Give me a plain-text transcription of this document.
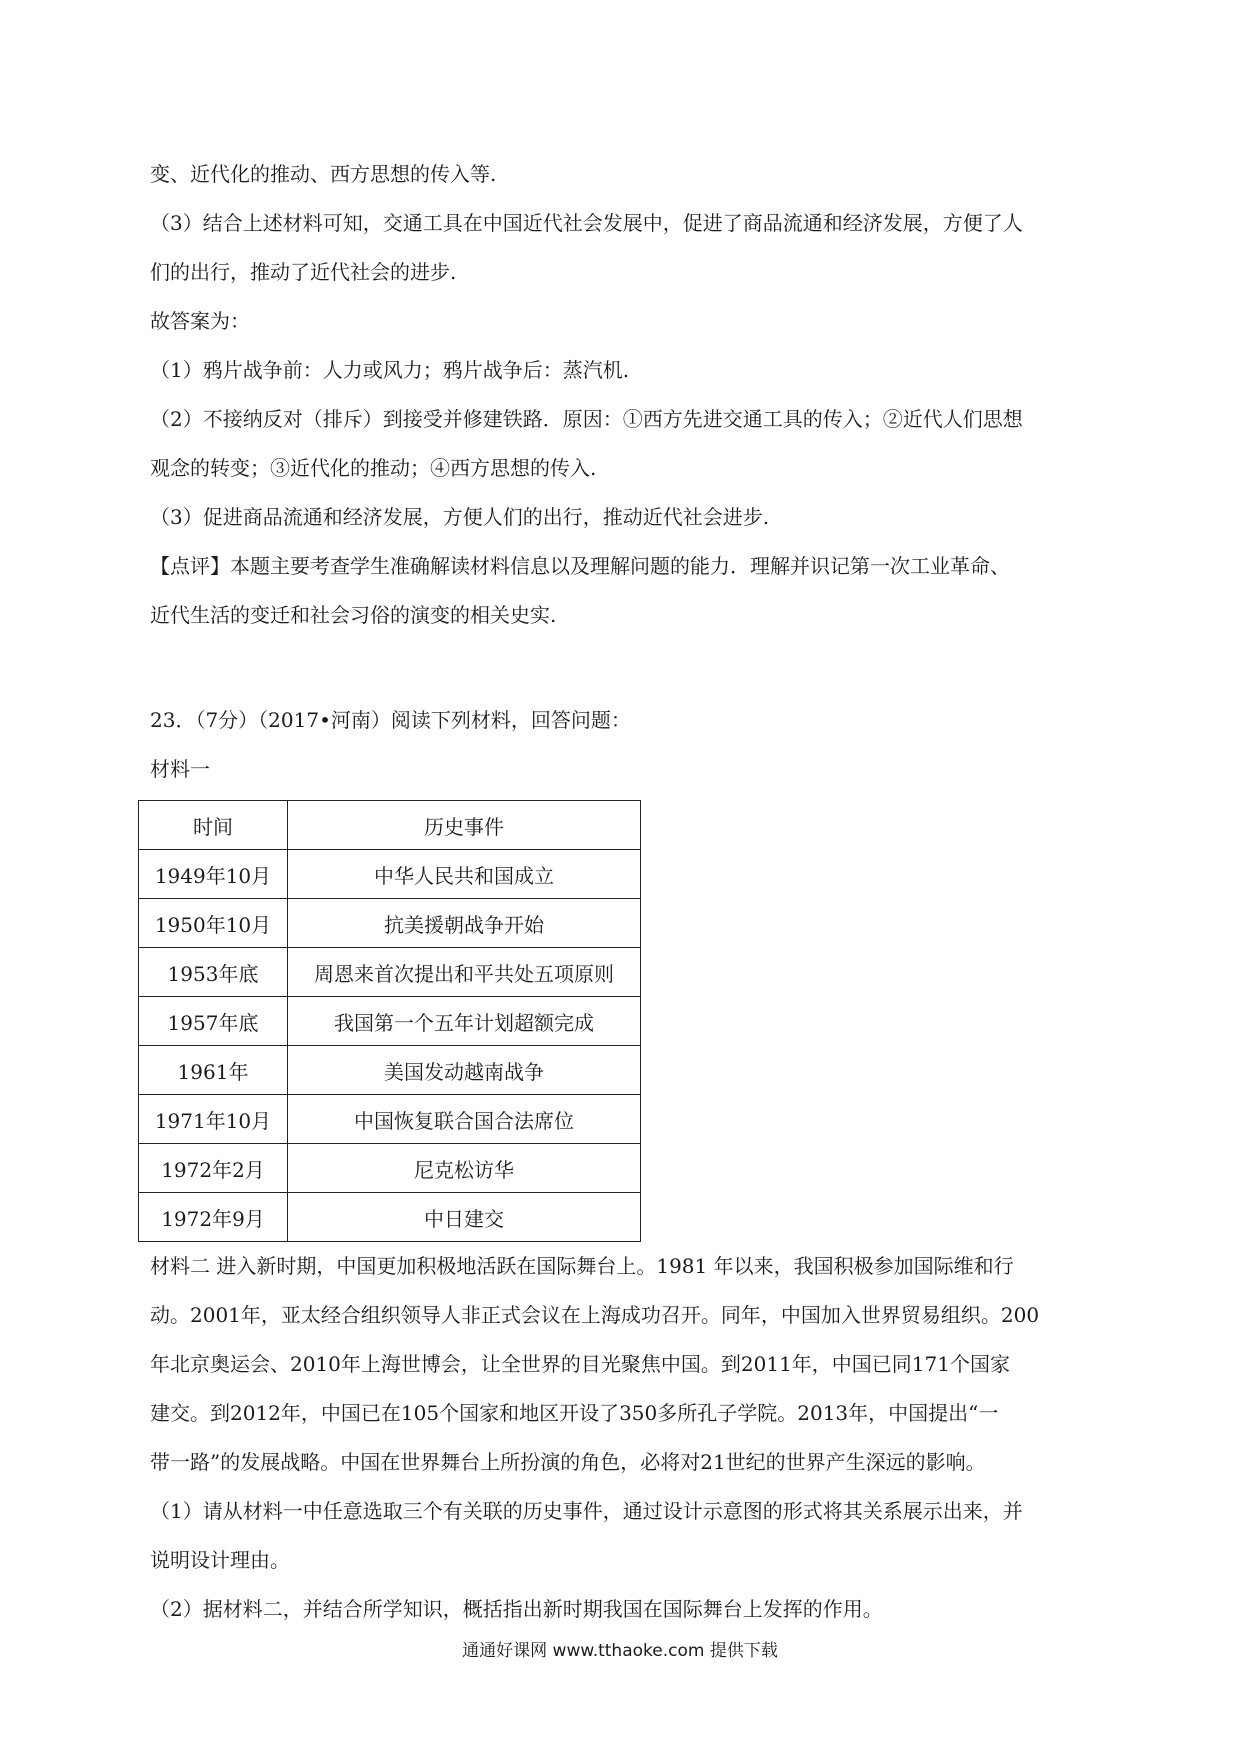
变、近代化的推动、西方思想的传入等.
（3）结合上述材料可知，交通工具在中国近代社会发展中，促进了商品流通和经济发展，方便了人
们的出行，推动了近代社会的进步.
故答案为：
（1）鸦片战争前：人力或风力；鸦片战争后：蒸汽机.
（2）不接纳反对（排斥）到接受并修建铁路．原因：①西方先进交通工具的传入；②近代人们思想
观念的转变；③近代化的推动；④西方思想的传入.
（3）促进商品流通和经济发展，方便人们的出行，推动近代社会进步.
【点评】本题主要考查学生准确解读材料信息以及理解问题的能力．理解并识记第一次工业革命、
近代生活的变迁和社会习俗的演变的相关史实.
23．（7分）（2017•河南）阅读下列材料，回答问题：
材料一
时间	历史事件
1949年10月	中华人民共和国成立
1950年10月	抗美援朝战争开始
1953年底	周恩来首次提出和平共处五项原则
1957年底	我国第一个五年计划超额完成
1961年	美国发动越南战争
1971年10月	中国恢复联合国合法席位
1972年2月	尼克松访华
1972年9月	中日建交
材料二 进入新时期，中国更加积极地活跃在国际舞台上。1981 年以来，我国积极参加国际维和行
动。2001年，亚太经合组织领导人非正式会议在上海成功召开。同年，中国加入世界贸易组织。200
年北京奥运会、2010年上海世博会，让全世界的目光聚焦中国。到2011年，中国已同171个国家
建交。到2012年，中国已在105个国家和地区开设了350多所孔子学院。2013年，中国提出“一
带一路”的发展战略。中国在世界舞台上所扮演的角色，必将对21世纪的世界产生深远的影响。
（1）请从材料一中任意选取三个有关联的历史事件，通过设计示意图的形式将其关系展示出来，并
说明设计理由。
（2）据材料二，并结合所学知识，概括指出新时期我国在国际舞台上发挥的作用。
通通好课网 www.tthaoke.com 提供下载
